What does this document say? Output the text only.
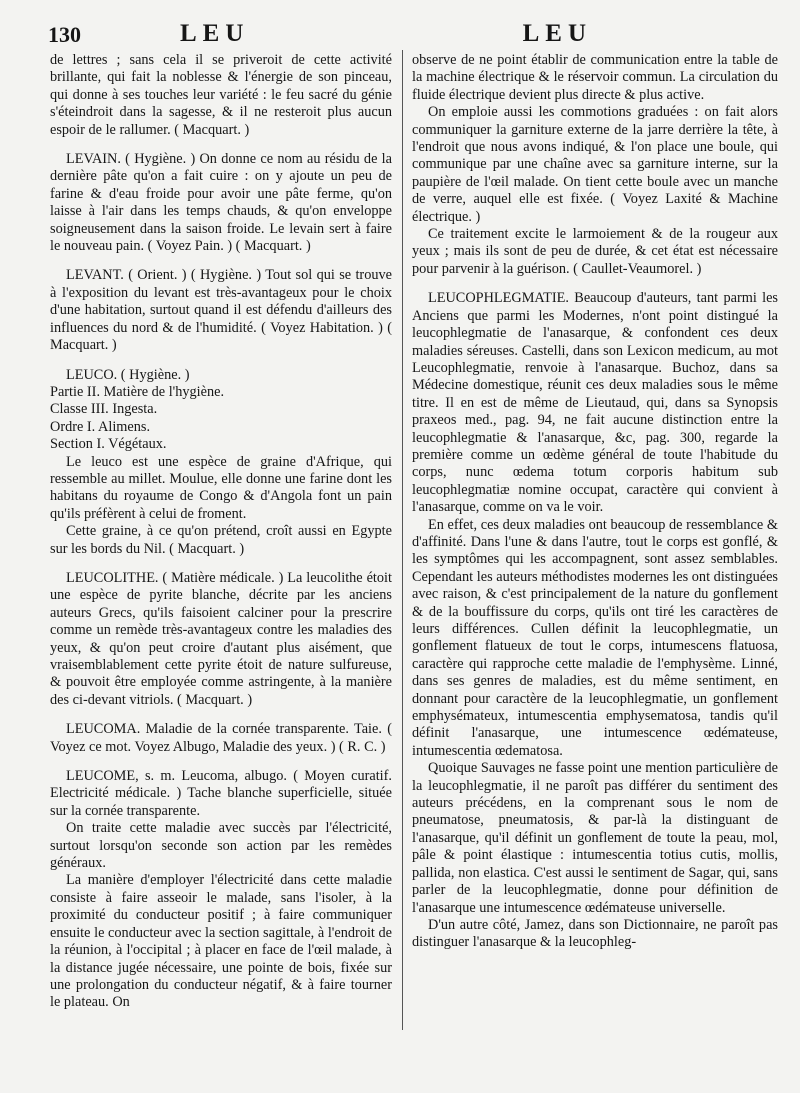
130	LEU	LEU

de lettres ; sans cela il se priveroit de cette activité brillante, qui fait la noblesse & l'énergie de son pinceau, qui donne à ses touches leur variété : le feu sacré du génie s'éteindroit dans la sagesse, & il ne resteroit plus aucun espoir de le rallumer. ( Macquart. )

LEVAIN. ( Hygiène. ) On donne ce nom au résidu de la dernière pâte qu'on a fait cuire : on y ajoute un peu de farine & d'eau froide pour avoir une pâte ferme, qu'on laisse à l'air dans les temps chauds, & qu'on enveloppe soigneusement dans la saison froide. Le levain sert à faire le nouveau pain. ( Voyez Pain. ) ( Macquart. )

LEVANT. ( Orient. ) ( Hygiène. ) Tout sol qui se trouve à l'exposition du levant est très-avantageux pour le choix d'une habitation, surtout quand il est défendu d'ailleurs des influences du nord & de l'humidité. ( Voyez Habitation. ) ( Macquart. )

LEUCO. ( Hygiène. )

Partie II. Matière de l'hygiène.

Classe III. Ingesta.

Ordre I. Alimens.

Section I. Végétaux.

Le leuco est une espèce de graine d'Afrique, qui ressemble au millet. Moulue, elle donne une farine dont les habitans du royaume de Congo & d'Angola font un pain qu'ils préfèrent à celui de froment.

Cette graine, à ce qu'on prétend, croît aussi en Egypte sur les bords du Nil. ( Macquart. )

LEUCOLITHE. ( Matière médicale. ) La leucolithe étoit une espèce de pyrite blanche, décrite par les anciens auteurs Grecs, qu'ils faisoient calciner pour la prescrire comme un remède très-avantageux contre les maladies des yeux, & qu'on peut croire d'autant plus aisément, que vraisemblablement cette pyrite étoit de nature sulfureuse, & pouvoit être employée comme astringente, à la manière des ci-devant vitriols. ( Macquart. )

LEUCOMA. Maladie de la cornée transparente. Taie. ( Voyez ce mot. Voyez Albugo, Maladie des yeux. ) ( R. C. )

LEUCOME, s. m. Leucoma, albugo. ( Moyen curatif. Electricité médicale. ) Tache blanche superficielle, située sur la cornée transparente.

On traite cette maladie avec succès par l'électricité, surtout lorsqu'on seconde son action par les remèdes généraux.

La manière d'employer l'électricité dans cette maladie consiste à faire asseoir le malade, sans l'isoler, à la proximité du conducteur positif ; à faire communiquer ensuite le conducteur avec la section sagittale, à l'endroit de la réunion, à l'occipital ; à placer en face de l'œil malade, à la distance jugée nécessaire, une pointe de bois, fixée sur une prolongation du conducteur négatif, & à faire tourner le plateau. On

observe de ne point établir de communication entre la table de la machine électrique & le réservoir commun. La circulation du fluide électrique devient plus directe & plus active.

On emploie aussi les commotions graduées : on fait alors communiquer la garniture externe de la jarre derrière la tête, à l'endroit que nous avons indiqué, & l'on place une boule, qui communique par une chaîne avec sa garniture interne, sur la paupière de l'œil malade. On tient cette boule avec un manche de verre, auquel elle est fixée. ( Voyez Laxité & Machine électrique. )

Ce traitement excite le larmoiement & de la rougeur aux yeux ; mais ils sont de peu de durée, & cet état est nécessaire pour parvenir à la guérison. ( Caullet-Veaumorel. )

LEUCOPHLEGMATIE. Beaucoup d'auteurs, tant parmi les Anciens que parmi les Modernes, n'ont point distingué la leucophlegmatie de l'anasarque, & confondent ces deux maladies séreuses. Castelli, dans son Lexicon medicum, au mot Leucophlegmatie, renvoie à l'anasarque. Buchoz, dans sa Médecine domestique, réunit ces deux maladies sous le même titre. Il en est de même de Lieutaud, qui, dans sa Synopsis praxeos med., pag. 94, ne fait aucune distinction entre la leucophlegmatie & l'anasarque, &c, pag. 300, regarde la première comme un œdème général de toute l'habitude du corps, nunc œdema totum corporis habitum sub leucophlegmatiæ nomine occupat, caractère qui convient à l'anasarque, comme on va le voir.

En effet, ces deux maladies ont beaucoup de ressemblance & d'affinité. Dans l'une & dans l'autre, tout le corps est gonflé, & les symptômes qui les accompagnent, sont assez semblables. Cependant les auteurs méthodistes modernes les ont distinguées avec raison, & c'est principalement de la nature du gonflement & de la bouffissure du corps, qu'ils ont tiré les caractères de leurs différences. Cullen définit la leucophlegmatie, un gonflement flatueux de tout le corps, intumescens flatuosa, caractère qui rapproche cette maladie de l'emphysème. Linné, dans ses genres de maladies, est du même sentiment, en donnant pour caractère de la leucophlegmatie, un gonflement emphysémateux, intumescentia emphysematosa, tandis qu'il définit l'anasarque, une intumescence œdémateuse, intumescentia œdematosa.

Quoique Sauvages ne fasse point une mention particulière de la leucophlegmatie, il ne paroît pas différer du sentiment des auteurs précédens, en la comprenant sous le nom de pneumatose, pneumatosis, & par-là la distinguant de l'anasarque, qu'il définit un gonflement de toute la peau, mol, pâle & point élastique : intumescentia totius cutis, mollis, pallida, non elastica. C'est aussi le sentiment de Sagar, qui, sans parler de la leucophlegmatie, donne pour définition de l'anasarque une intumescence œdémateuse universelle.

D'un autre côté, Jamez, dans son Dictionnaire, ne paroît pas distinguer l'anasarque & la leucophleg-
